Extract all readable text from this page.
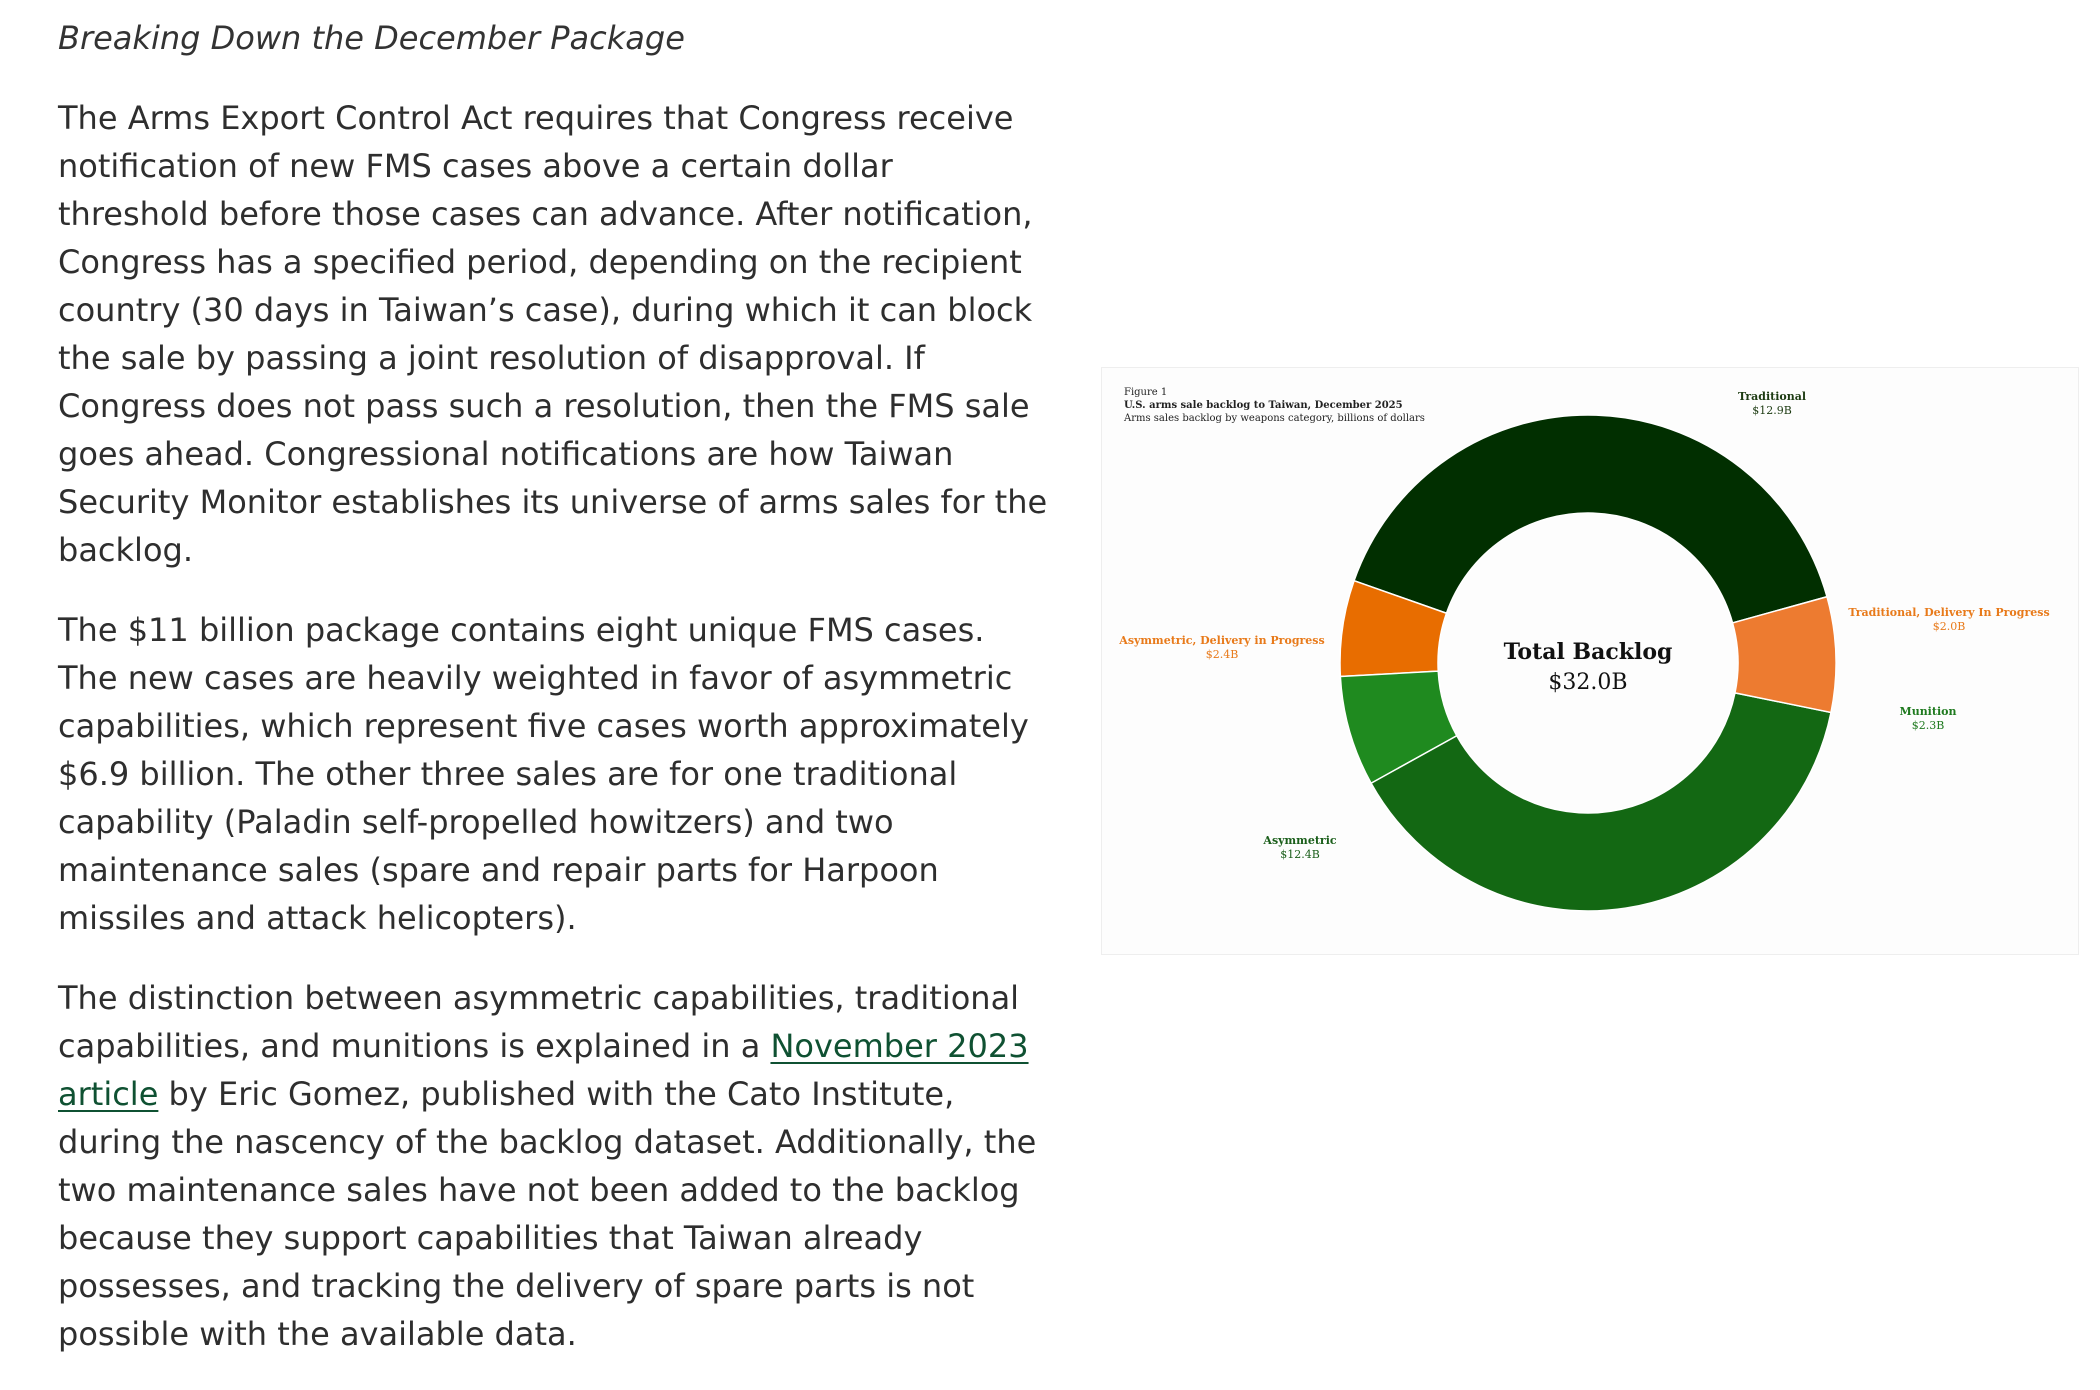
Breaking Down the December Package

The Arms Export Control Act requires that Congress receive notification of new FMS cases above a certain dollar threshold before those cases can advance. After notification, Congress has a specified period, depending on the recipient country (30 days in Taiwan’s case), during which it can block the sale by passing a joint resolution of disapproval. If Congress does not pass such a resolution, then the FMS sale goes ahead. Congressional notifications are how Taiwan Security Monitor establishes its universe of arms sales for the backlog.

The $11 billion package contains eight unique FMS cases. The new cases are heavily weighted in favor of asymmetric capabilities, which represent five cases worth approximately $6.9 billion. The other three sales are for one traditional capability (Paladin self-propelled howitzers) and two maintenance sales (spare and repair parts for Harpoon missiles and attack helicopters).

The distinction between asymmetric capabilities, traditional capabilities, and munitions is explained in a November 2023 article by Eric Gomez, published with the Cato Institute, during the nascency of the backlog dataset. Additionally, the two maintenance sales have not been added to the backlog because they support capabilities that Taiwan already possesses, and tracking the delivery of spare parts is not possible with the available data.

Figure 1
U.S. arms sale backlog to Taiwan, December 2025
Arms sales backlog by weapons category, billions of dollars
Traditional
$12.9B
Traditional, Delivery In Progress
$2.0B
Munition
$2.3B
Asymmetric
$12.4B
Asymmetric, Delivery in Progress
$2.4B	Total Backlog
$32.0B
